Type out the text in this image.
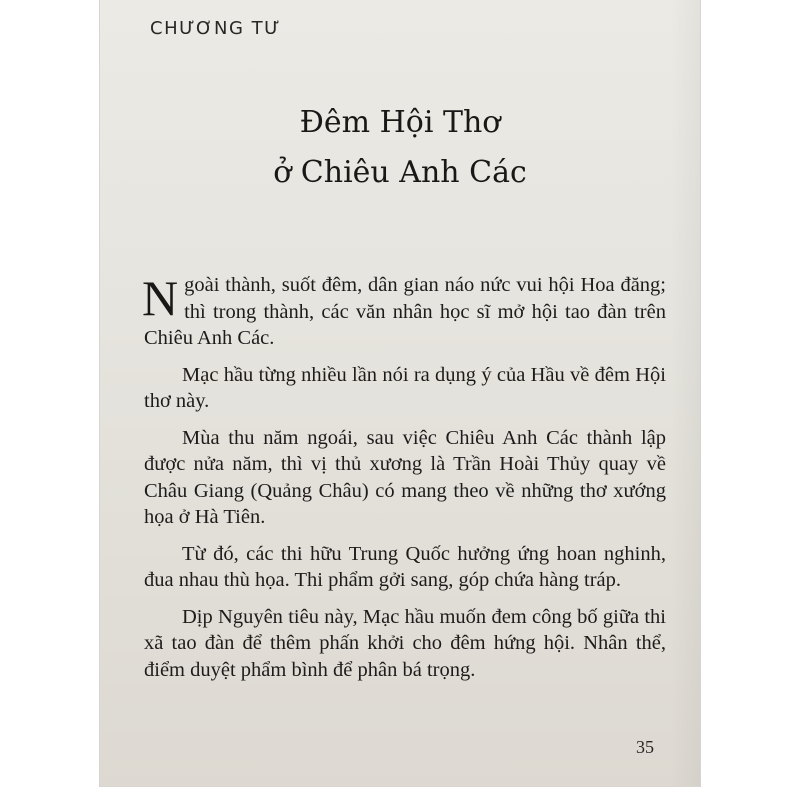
CHƯƠNG TƯ
Đêm Hội Thơ
ở Chiêu Anh Các

Ngoài thành, suốt đêm, dân gian náo nức vui hội Hoa đăng; thì trong thành, các văn nhân học sĩ mở hội tao đàn trên Chiêu Anh Các.

Mạc hầu từng nhiều lần nói ra dụng ý của Hầu về đêm Hội thơ này.

Mùa thu năm ngoái, sau việc Chiêu Anh Các thành lập được nửa năm, thì vị thủ xương là Trần Hoài Thủy quay về Châu Giang (Quảng Châu) có mang theo về những thơ xướng họa ở Hà Tiên.

Từ đó, các thi hữu Trung Quốc hưởng ứng hoan nghinh, đua nhau thù họa. Thi phẩm gởi sang, góp chứa hàng tráp.

Dịp Nguyên tiêu này, Mạc hầu muốn đem công bố giữa thi xã tao đàn để thêm phấn khởi cho đêm hứng hội. Nhân thể, điểm duyệt phẩm bình để phân bá trọng.

35
